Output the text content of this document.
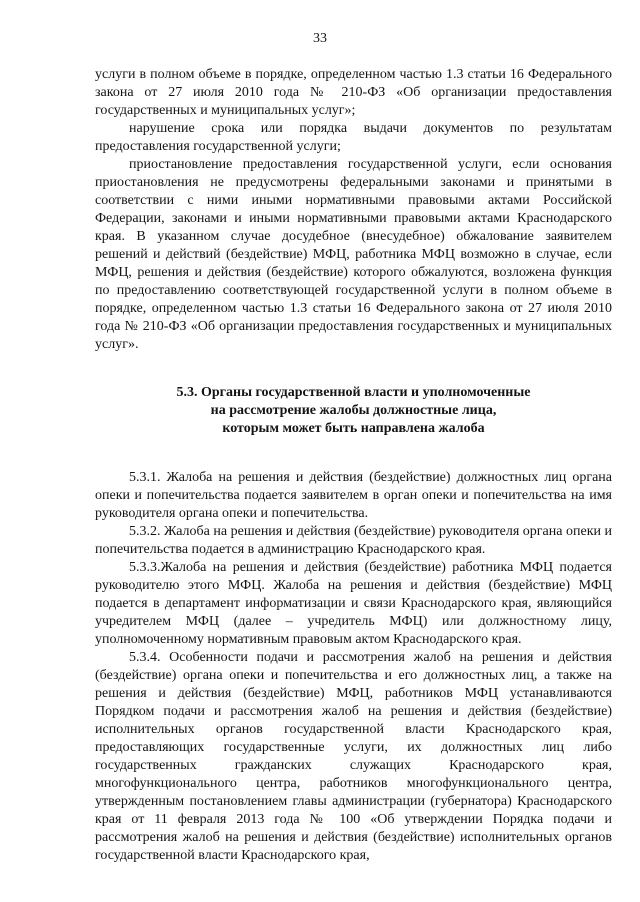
33

услуги в полном объеме в порядке, определенном частью 1.3 статьи 16 Федерального закона от 27 июля 2010 года № 210-ФЗ «Об организации предоставления государственных и муниципальных услуг»;

нарушение срока или порядка выдачи документов по результатам предоставления государственной услуги;

приостановление предоставления государственной услуги, если основания приостановления не предусмотрены федеральными законами и принятыми в соответствии с ними иными нормативными правовыми актами Российской Федерации, законами и иными нормативными правовыми актами Краснодарского края. В указанном случае досудебное (внесудебное) обжалование заявителем решений и действий (бездействие) МФЦ, работника МФЦ возможно в случае, если МФЦ, решения и действия (бездействие) которого обжалуются, возложена функция по предоставлению соответствующей государственной услуги в полном объеме в порядке, определенном частью 1.3 статьи 16 Федерального закона от 27 июля 2010 года № 210-ФЗ «Об организации предоставления государственных и муниципальных услуг».

5.3. Органы государственной власти и уполномоченные
на рассмотрение жалобы должностные лица,
которым может быть направлена жалоба

5.3.1. Жалоба на решения и действия (бездействие) должностных лиц органа опеки и попечительства подается заявителем в орган опеки и попечительства на имя руководителя органа опеки и попечительства.

5.3.2. Жалоба на решения и действия (бездействие) руководителя органа опеки и попечительства подается в администрацию Краснодарского края.

5.3.3.Жалоба на решения и действия (бездействие) работника МФЦ подается руководителю этого МФЦ. Жалоба на решения и действия (бездействие) МФЦ подается в департамент информатизации и связи Краснодарского края, являющийся учредителем МФЦ (далее – учредитель МФЦ) или должностному лицу, уполномоченному нормативным правовым актом Краснодарского края.

5.3.4. Особенности подачи и рассмотрения жалоб на решения и действия (бездействие) органа опеки и попечительства и его должностных лиц, а также на решения и действия (бездействие) МФЦ, работников МФЦ устанавливаются Порядком подачи и рассмотрения жалоб на решения и действия (бездействие) исполнительных органов государственной власти Краснодарского края, предоставляющих государственные услуги, их должностных лиц либо государственных гражданских служащих Краснодарского края, многофункционального центра, работников многофункционального центра, утвержденным постановлением главы администрации (губернатора) Краснодарского края от 11 февраля 2013 года № 100 «Об утверждении Порядка подачи и рассмотрения жалоб на решения и действия (бездействие) исполнительных органов государственной власти Краснодарского края,
